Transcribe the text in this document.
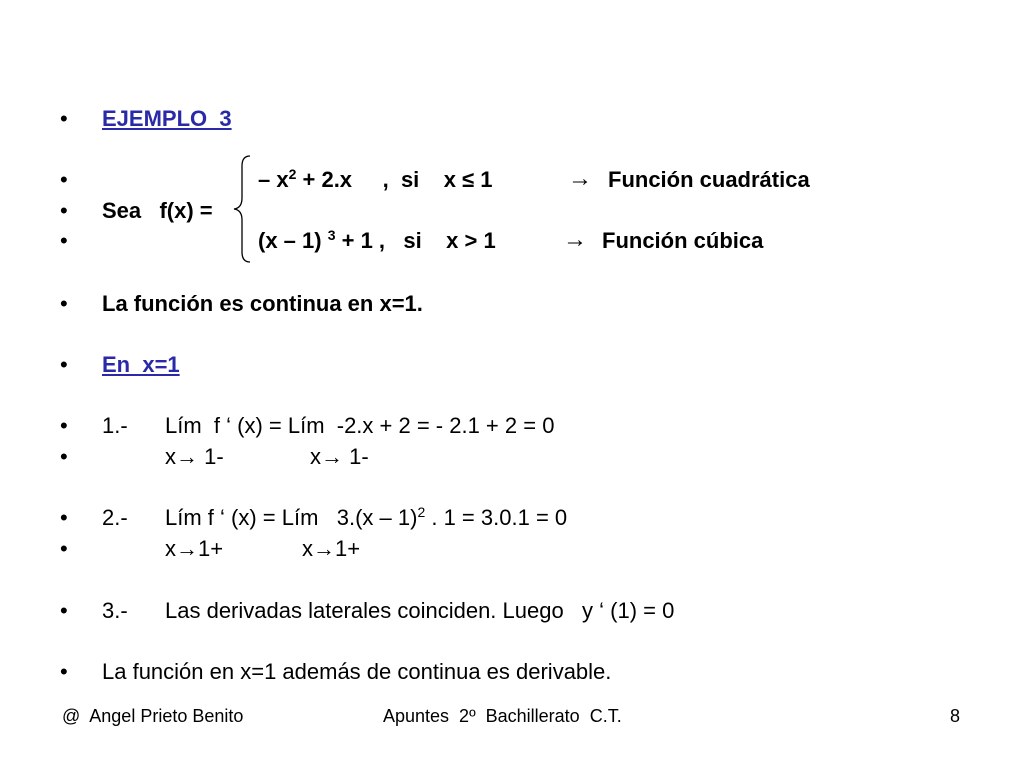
•
•
•
•
•
•
•
•
•
•
•
•
EJEMPLO  3
– $x^2 + 2.x$     ,  si    x ≤ 1	→ Función cuadrática
Sea   f(x) =
(x – 1) $^3$ + 1 ,   si    x > 1	→ Función cúbica
La función es continua en x=1.
En  x=1
1.- Lím  f ‘ (x) = Lím  -2.x + 2 = - 2.1 + 2 = 0
x→ 1-	x→ 1-
2.- Lím f ‘ (x) = Lím   3.(x – 1)$^2$ . 1 = 3.0.1 = 0
x→1+	x→1+
3.- Las derivadas laterales coinciden. Luego   y ‘ (1) = 0
La función en x=1 además de continua es derivable.
@  Angel Prieto Benito	Apuntes  2º  Bachillerato  C.T.	8
